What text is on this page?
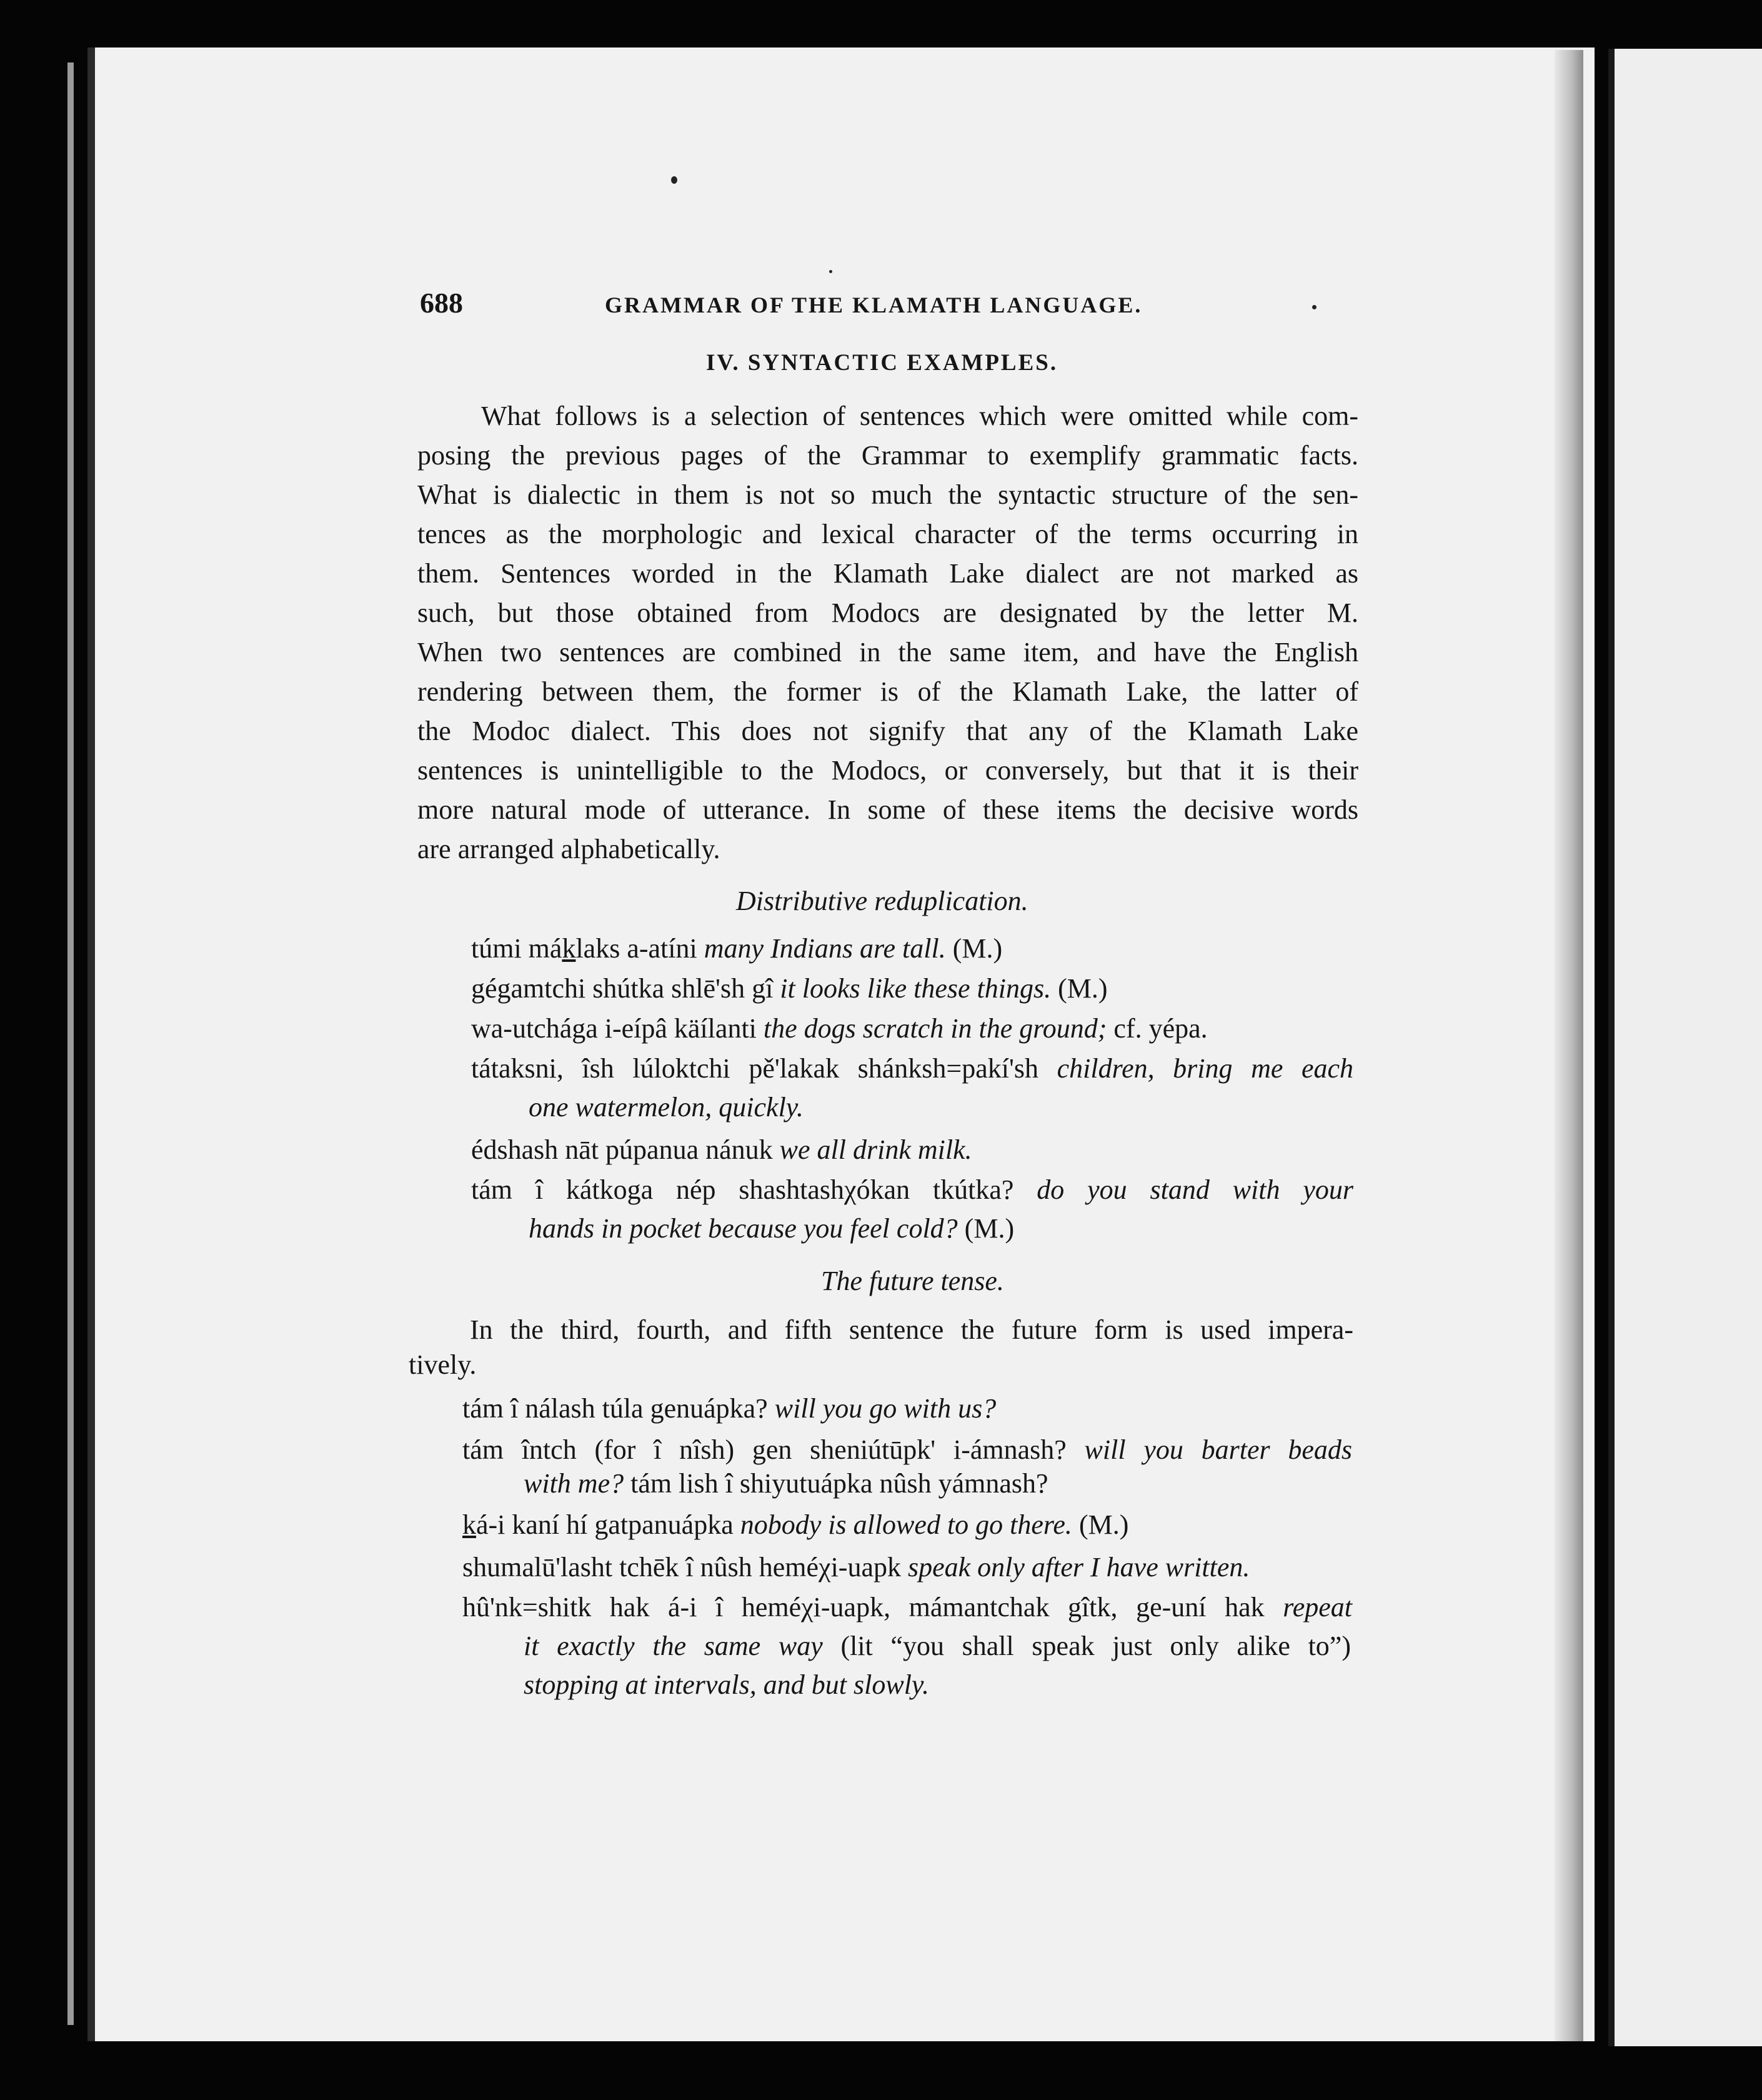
688	GRAMMAR OF THE KLAMATH LANGUAGE.
IV. SYNTACTIC EXAMPLES.
What follows is a selection of sentences which were omitted while com-
posing the previous pages of the Grammar to exemplify grammatic facts.
What is dialectic in them is not so much the syntactic structure of the sen-
tences as the morphologic and lexical character of the terms occurring in
them. Sentences worded in the Klamath Lake dialect are not marked as
such, but those obtained from Modocs are designated by the letter M.
When two sentences are combined in the same item, and have the English
rendering between them, the former is of the Klamath Lake, the latter of
the Modoc dialect. This does not signify that any of the Klamath Lake
sentences is unintelligible to the Modocs, or conversely, but that it is their
more natural mode of utterance. In some of these items the decisive words
are arranged alphabetically.
Distributive reduplication.
túmi máklaks a-atíni many Indians are tall. (M.)
gégamtchi shútka shlē'sh gî it looks like these things. (M.)
wa-utchága i-eípâ käílanti the dogs scratch in the ground; cf. yépa.
tátaksni, îsh lúloktchi pě'lakak shánksh=pakí'sh children, bring me each
one watermelon, quickly.
édshash nāt púpanua nánuk we all drink milk.
tám î kátkoga nép shashtashχókan tkútka? do you stand with your
hands in pocket because you feel cold? (M.)
The future tense.
In the third, fourth, and fifth sentence the future form is used impera-
tively.
tám î nálash túla genuápka? will you go with us?
tám întch (for î nîsh) gen sheniútūpk' i-ámnash? will you barter beads
with me? tám lish î shiyutuápka nûsh yámnash?
ká-i kaní hí gatpanuápka nobody is allowed to go there. (M.)
shumalū'lasht tchēk î nûsh heméχi-uapk speak only after I have written.
hû'nk=shitk hak á-i î heméχi-uapk, mámantchak gîtk, ge-uní hak repeat
it exactly the same way (lit “you shall speak just only alike to”)
stopping at intervals, and but slowly.
